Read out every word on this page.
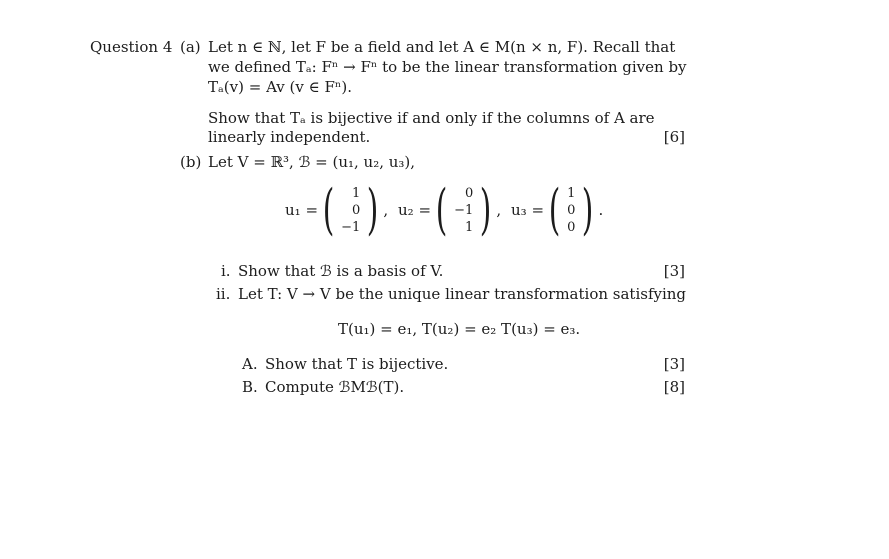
Question 4 (a) Let n ∈ ℕ, let F be a field and let A ∈ M(n × n, F). Recall that
we defined Tₐ: Fⁿ → Fⁿ to be the linear transformation given by
Tₐ(v) = Av (v ∈ Fⁿ).
Show that Tₐ is bijective if and only if the columns of A are
linearly independent.	[6]
(b) Let V = ℝ³, ℬ = (u₁, u₂, u₃),
u₁ = ( 1
0
−1 ) , u₂ = ( 0
−1
1 ) , u₃ = ( 1
0
0 ) .
i. Show that ℬ is a basis of V.	[3]
ii. Let T: V → V be the unique linear transformation satisfying
T(u₁) = e₁, T(u₂) = e₂ T(u₃) = e₃.
A. Show that T is bijective.	[3]
B. Compute ℬMℬ(T).	[8]
